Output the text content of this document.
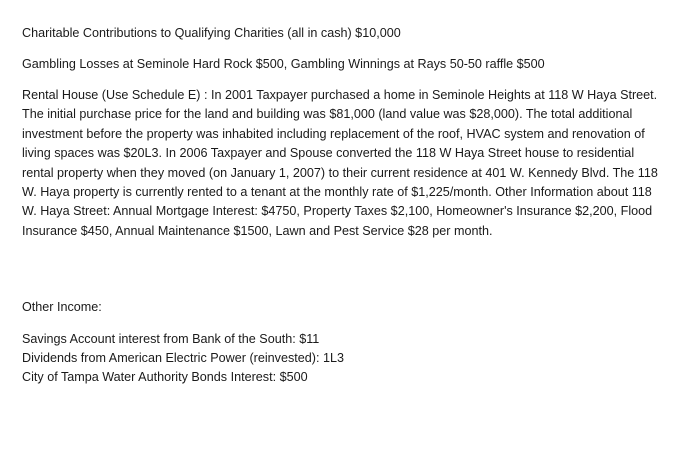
Charitable Contributions to Qualifying Charities (all in cash) $10,000
Gambling Losses at Seminole Hard Rock $500, Gambling Winnings at Rays 50-50 raffle $500
Rental House (Use Schedule E) : In 2001 Taxpayer purchased a home in Seminole Heights at 118 W Haya Street. The initial purchase price for the land and building was $81,000 (land value was $28,000). The total additional investment before the property was inhabited including replacement of the roof, HVAC system and renovation of living spaces was $20L3. In 2006 Taxpayer and Spouse converted the 118 W Haya Street house to residential rental property when they moved (on January 1, 2007) to their current residence at 401 W. Kennedy Blvd. The 118 W. Haya property is currently rented to a tenant at the monthly rate of $1,225/month. Other Information about 118 W. Haya Street: Annual Mortgage Interest: $4750, Property Taxes $2,100, Homeowner's Insurance $2,200, Flood Insurance $450, Annual Maintenance $1500, Lawn and Pest Service $28 per month.
Other Income:
Savings Account interest from Bank of the South: $11
Dividends from American Electric Power (reinvested): 1L3
City of Tampa Water Authority Bonds Interest: $500
